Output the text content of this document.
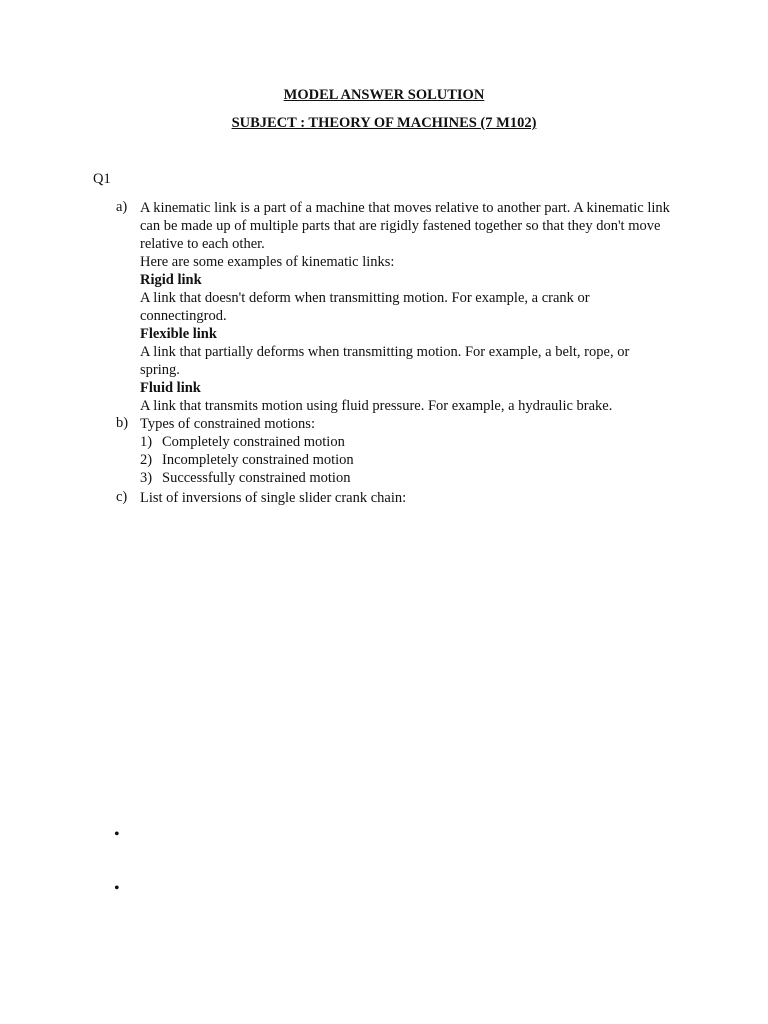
MODEL ANSWER SOLUTION
SUBJECT : THEORY OF MACHINES (7 M102)
Q1
a) A kinematic link is a part of a machine that moves relative to another part. A kinematic link can be made up of multiple parts that are rigidly fastened together so that they don't move relative to each other.

Here are some examples of kinematic links:

Rigid link

A link that doesn't deform when transmitting motion. For example, a crank or connectingrod.

Flexible link

A link that partially deforms when transmitting motion. For example, a belt, rope, or spring.

Fluid link

A link that transmits motion using fluid pressure. For example, a hydraulic brake.

b) Types of constrained motions:

1) Completely constrained motion
2) Incompletely constrained motion
3) Successfully constrained motion
c) List of inversions of single slider crank chain:

•
•
